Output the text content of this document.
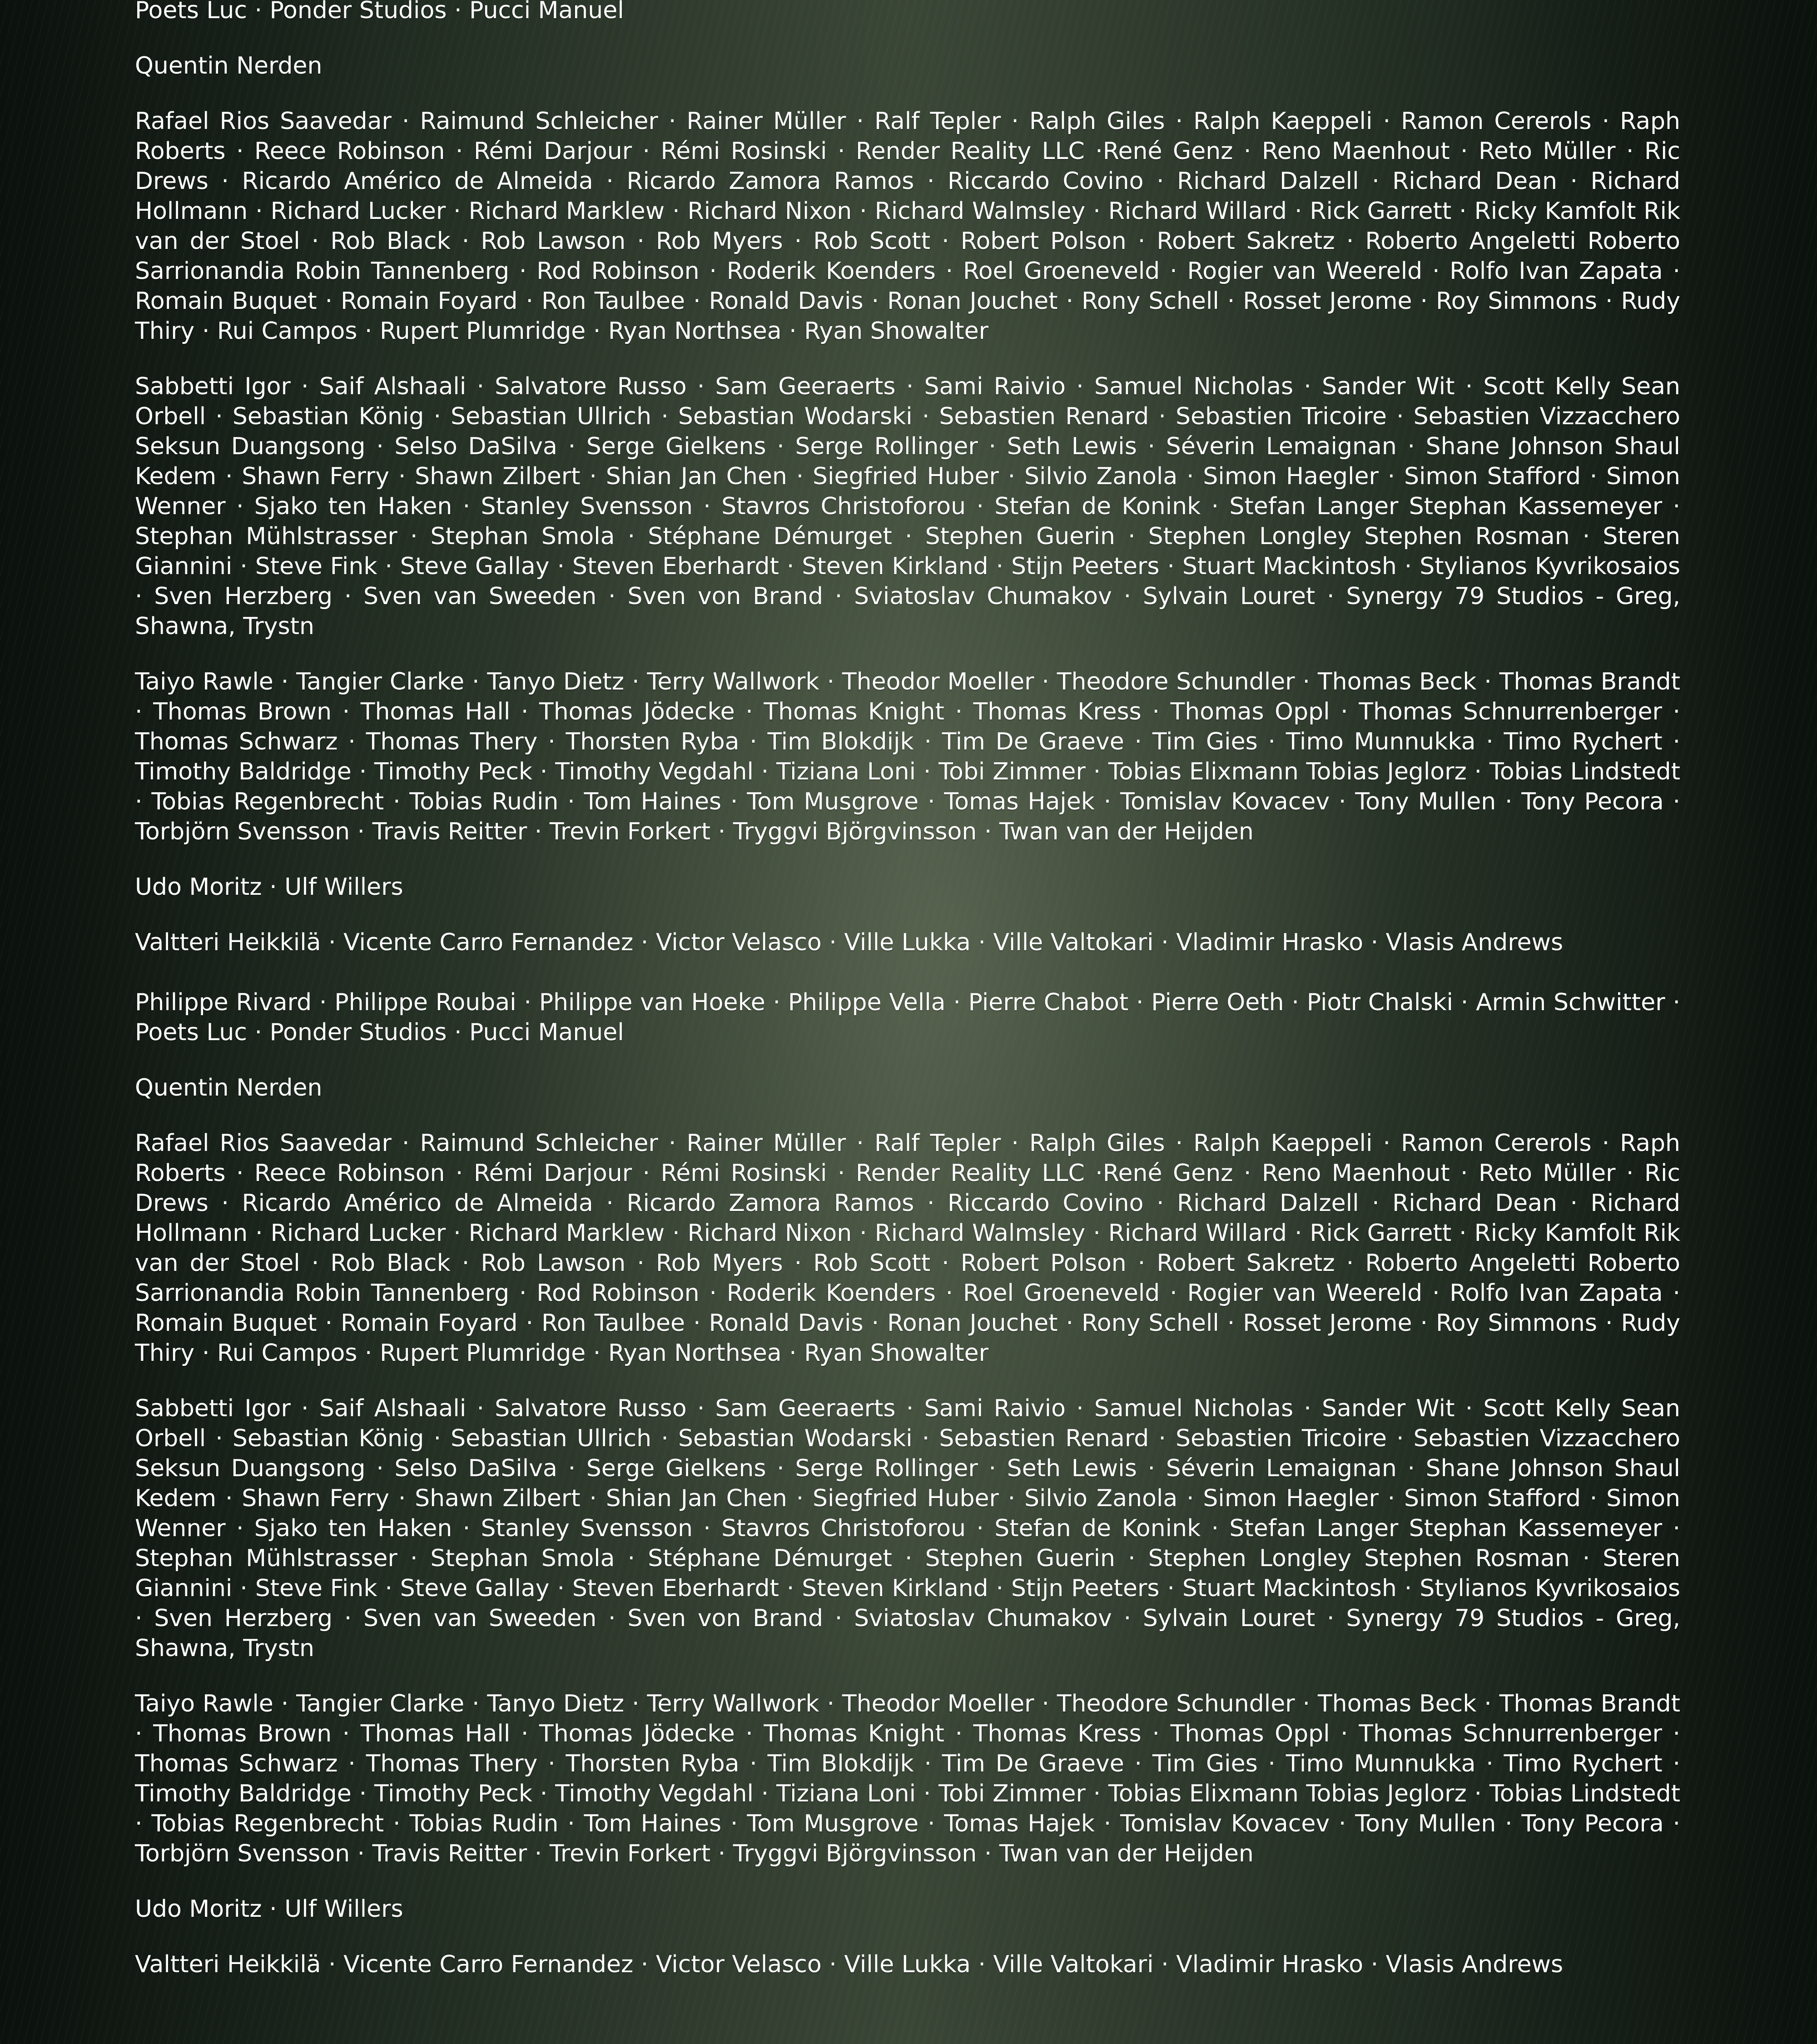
Poets Luc · Ponder Studios · Pucci Manuel

Quentin Nerden

Rafael Rios Saavedar · Raimund Schleicher · Rainer Müller · Ralf Tepler · Ralph Giles · Ralph Kaeppeli · Ramon Cererols · Raph Roberts · Reece Robinson · Rémi Darjour · Rémi Rosinski · Render Reality LLC ·René Genz · Reno Maenhout · Reto Müller · Ric Drews · Ricardo Américo de Almeida · Ricardo Zamora Ramos · Riccardo Covino · Richard Dalzell · Richard Dean · Richard Hollmann · Richard Lucker · Richard Marklew · Richard Nixon · Richard Walmsley · Richard Willard · Rick Garrett · Ricky Kamfolt Rik van der Stoel · Rob Black · Rob Lawson · Rob Myers · Rob Scott · Robert Polson · Robert Sakretz · Roberto Angeletti Roberto Sarrionandia Robin Tannenberg · Rod Robinson · Roderik Koenders · Roel Groeneveld · Rogier van Weereld · Rolfo Ivan Zapata · Romain Buquet · Romain Foyard · Ron Taulbee · Ronald Davis · Ronan Jouchet · Rony Schell · Rosset Jerome · Roy Simmons · Rudy Thiry · Rui Campos · Rupert Plumridge · Ryan Northsea · Ryan Showalter

Sabbetti Igor · Saif Alshaali · Salvatore Russo · Sam Geeraerts · Sami Raivio · Samuel Nicholas · Sander Wit · Scott Kelly Sean Orbell · Sebastian König · Sebastian Ullrich · Sebastian Wodarski · Sebastien Renard · Sebastien Tricoire · Sebastien Vizzacchero Seksun Duangsong · Selso DaSilva · Serge Gielkens · Serge Rollinger · Seth Lewis · Séverin Lemaignan · Shane Johnson Shaul Kedem · Shawn Ferry · Shawn Zilbert · Shian Jan Chen · Siegfried Huber · Silvio Zanola · Simon Haegler · Simon Stafford · Simon Wenner · Sjako ten Haken · Stanley Svensson · Stavros Christoforou · Stefan de Konink · Stefan Langer Stephan Kassemeyer · Stephan Mühlstrasser · Stephan Smola · Stéphane Démurget · Stephen Guerin · Stephen Longley Stephen Rosman · Steren Giannini · Steve Fink · Steve Gallay · Steven Eberhardt · Steven Kirkland · Stijn Peeters · Stuart Mackintosh · Stylianos Kyvrikosaios · Sven Herzberg · Sven van Sweeden · Sven von Brand · Sviatoslav Chumakov · Sylvain Louret · Synergy 79 Studios - Greg, Shawna, Trystn

Taiyo Rawle · Tangier Clarke · Tanyo Dietz · Terry Wallwork · Theodor Moeller · Theodore Schundler · Thomas Beck · Thomas Brandt · Thomas Brown · Thomas Hall · Thomas Jödecke · Thomas Knight · Thomas Kress · Thomas Oppl · Thomas Schnurrenberger · Thomas Schwarz · Thomas Thery · Thorsten Ryba · Tim Blokdijk · Tim De Graeve · Tim Gies · Timo Munnukka · Timo Rychert · Timothy Baldridge · Timothy Peck · Timothy Vegdahl · Tiziana Loni · Tobi Zimmer · Tobias Elixmann Tobias Jeglorz · Tobias Lindstedt · Tobias Regenbrecht · Tobias Rudin · Tom Haines · Tom Musgrove · Tomas Hajek · Tomislav Kovacev · Tony Mullen · Tony Pecora · Torbjörn Svensson · Travis Reitter · Trevin Forkert · Tryggvi Björgvinsson · Twan van der Heijden

Udo Moritz · Ulf Willers

Valtteri Heikkilä · Vicente Carro Fernandez · Victor Velasco · Ville Lukka · Ville Valtokari · Vladimir Hrasko · Vlasis Andrews

Philippe Rivard · Philippe Roubai · Philippe van Hoeke · Philippe Vella · Pierre Chabot · Pierre Oeth · Piotr Chalski · Armin Schwitter · Poets Luc · Ponder Studios · Pucci Manuel

Quentin Nerden

Rafael Rios Saavedar · Raimund Schleicher · Rainer Müller · Ralf Tepler · Ralph Giles · Ralph Kaeppeli · Ramon Cererols · Raph Roberts · Reece Robinson · Rémi Darjour · Rémi Rosinski · Render Reality LLC ·René Genz · Reno Maenhout · Reto Müller · Ric Drews · Ricardo Américo de Almeida · Ricardo Zamora Ramos · Riccardo Covino · Richard Dalzell · Richard Dean · Richard Hollmann · Richard Lucker · Richard Marklew · Richard Nixon · Richard Walmsley · Richard Willard · Rick Garrett · Ricky Kamfolt Rik van der Stoel · Rob Black · Rob Lawson · Rob Myers · Rob Scott · Robert Polson · Robert Sakretz · Roberto Angeletti Roberto Sarrionandia Robin Tannenberg · Rod Robinson · Roderik Koenders · Roel Groeneveld · Rogier van Weereld · Rolfo Ivan Zapata · Romain Buquet · Romain Foyard · Ron Taulbee · Ronald Davis · Ronan Jouchet · Rony Schell · Rosset Jerome · Roy Simmons · Rudy Thiry · Rui Campos · Rupert Plumridge · Ryan Northsea · Ryan Showalter

Sabbetti Igor · Saif Alshaali · Salvatore Russo · Sam Geeraerts · Sami Raivio · Samuel Nicholas · Sander Wit · Scott Kelly Sean Orbell · Sebastian König · Sebastian Ullrich · Sebastian Wodarski · Sebastien Renard · Sebastien Tricoire · Sebastien Vizzacchero Seksun Duangsong · Selso DaSilva · Serge Gielkens · Serge Rollinger · Seth Lewis · Séverin Lemaignan · Shane Johnson Shaul Kedem · Shawn Ferry · Shawn Zilbert · Shian Jan Chen · Siegfried Huber · Silvio Zanola · Simon Haegler · Simon Stafford · Simon Wenner · Sjako ten Haken · Stanley Svensson · Stavros Christoforou · Stefan de Konink · Stefan Langer Stephan Kassemeyer · Stephan Mühlstrasser · Stephan Smola · Stéphane Démurget · Stephen Guerin · Stephen Longley Stephen Rosman · Steren Giannini · Steve Fink · Steve Gallay · Steven Eberhardt · Steven Kirkland · Stijn Peeters · Stuart Mackintosh · Stylianos Kyvrikosaios · Sven Herzberg · Sven van Sweeden · Sven von Brand · Sviatoslav Chumakov · Sylvain Louret · Synergy 79 Studios - Greg, Shawna, Trystn

Taiyo Rawle · Tangier Clarke · Tanyo Dietz · Terry Wallwork · Theodor Moeller · Theodore Schundler · Thomas Beck · Thomas Brandt · Thomas Brown · Thomas Hall · Thomas Jödecke · Thomas Knight · Thomas Kress · Thomas Oppl · Thomas Schnurrenberger · Thomas Schwarz · Thomas Thery · Thorsten Ryba · Tim Blokdijk · Tim De Graeve · Tim Gies · Timo Munnukka · Timo Rychert · Timothy Baldridge · Timothy Peck · Timothy Vegdahl · Tiziana Loni · Tobi Zimmer · Tobias Elixmann Tobias Jeglorz · Tobias Lindstedt · Tobias Regenbrecht · Tobias Rudin · Tom Haines · Tom Musgrove · Tomas Hajek · Tomislav Kovacev · Tony Mullen · Tony Pecora · Torbjörn Svensson · Travis Reitter · Trevin Forkert · Tryggvi Björgvinsson · Twan van der Heijden

Udo Moritz · Ulf Willers

Valtteri Heikkilä · Vicente Carro Fernandez · Victor Velasco · Ville Lukka · Ville Valtokari · Vladimir Hrasko · Vlasis Andrews
